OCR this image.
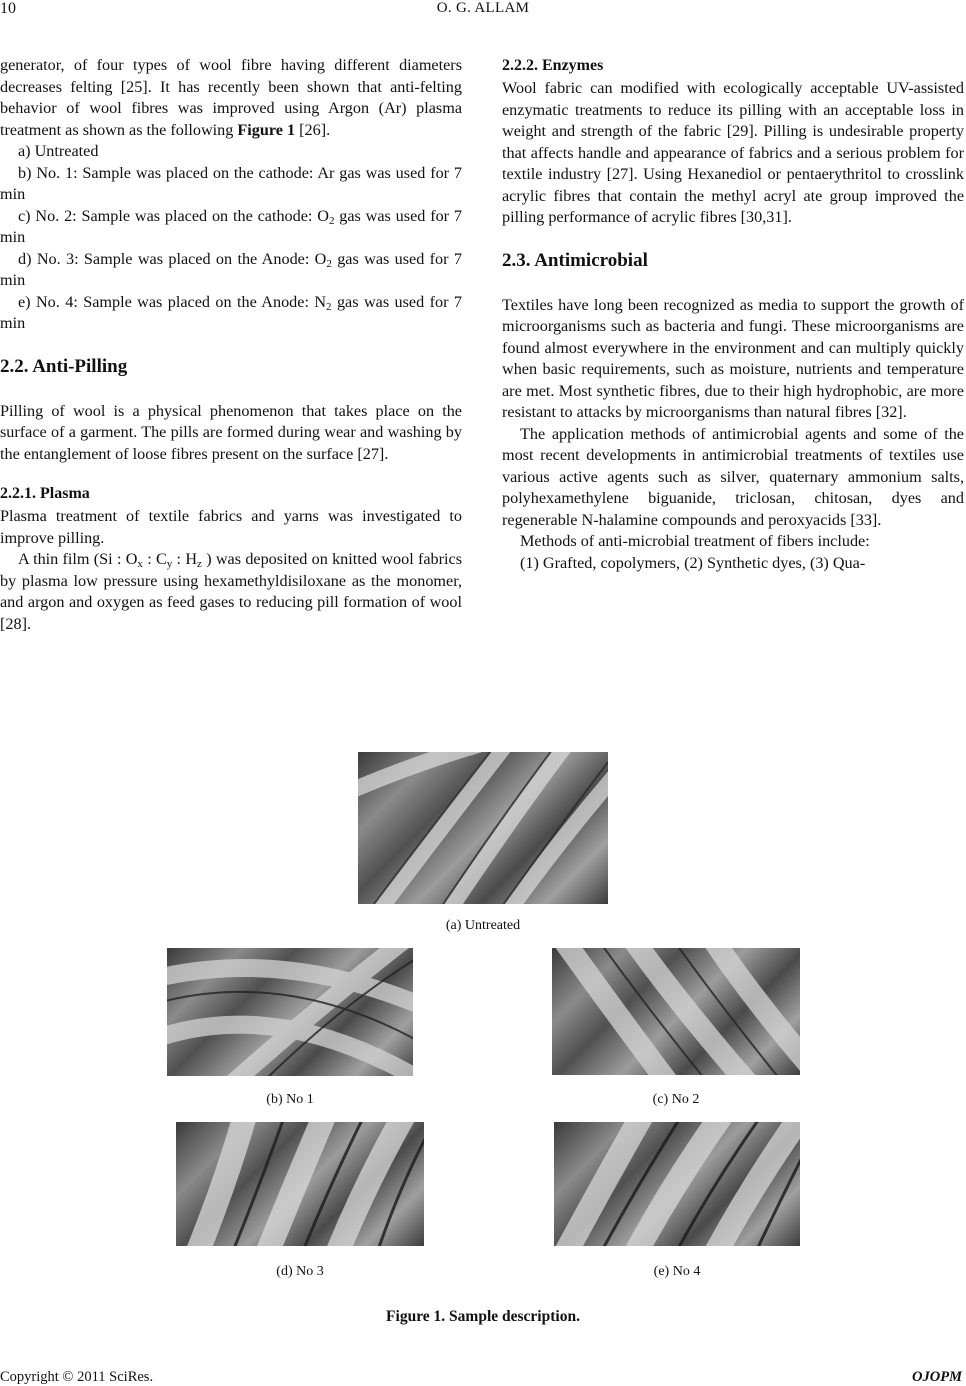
10	O. G. ALLAM

generator, of four types of wool fibre having different diameters decreases felting [25]. It has recently been shown that anti-felting behavior of wool fibres was improved using Argon (Ar) plasma treatment as shown as the following Figure 1 [26].

a) Untreated

b) No. 1: Sample was placed on the cathode: Ar gas was used for 7 min

c) No. 2: Sample was placed on the cathode: $O_2$ gas was used for 7 min

d) No. 3: Sample was placed on the Anode: $O_2$ gas was used for 7 min

e) No. 4: Sample was placed on the Anode: $N_2$ gas was used for 7 min

2.2. Anti-Pilling

Pilling of wool is a physical phenomenon that takes place on the surface of a garment. The pills are formed during wear and washing by the entanglement of loose fibres present on the surface [27].

2.2.1. Plasma

Plasma treatment of textile fabrics and yarns was investigated to improve pilling.

A thin film (Si : $O_x$ : $C_y$ : $H_z$ ) was deposited on knitted wool fabrics by plasma low pressure using hexamethyldisiloxane as the monomer, and argon and oxygen as feed gases to reducing pill formation of wool [28].

2.2.2. Enzymes

Wool fabric can modified with ecologically acceptable UV-assisted enzymatic treatments to reduce its pilling with an acceptable loss in weight and strength of the fabric [29]. Pilling is undesirable property that affects handle and appearance of fabrics and a serious problem for textile industry [27]. Using Hexanediol or pentaerythritol to crosslink acrylic fibres that contain the methyl acryl ate group improved the pilling performance of acrylic fibres [30,31].

2.3. Antimicrobial

Textiles have long been recognized as media to support the growth of microorganisms such as bacteria and fungi. These microorganisms are found almost everywhere in the environment and can multiply quickly when basic requirements, such as moisture, nutrients and temperature are met. Most synthetic fibres, due to their high hydrophobic, are more resistant to attacks by microorganisms than natural fibres [32].

The application methods of antimicrobial agents and some of the most recent developments in antimicrobial treatments of textiles use various active agents such as silver, quaternary ammonium salts, polyhexamethylene biguanide, triclosan, chitosan, dyes and regenerable N-halamine compounds and peroxyacids [33].

Methods of anti-microbial treatment of fibers include:

(1) Grafted, copolymers, (2) Synthetic dyes, (3) Qua-

(a) Untreated
(b) No 1	(c) No 2
(d) No 3	(e) No 4
Figure 1. Sample description.
Copyright © 2011 SciRes.	OJOPM
